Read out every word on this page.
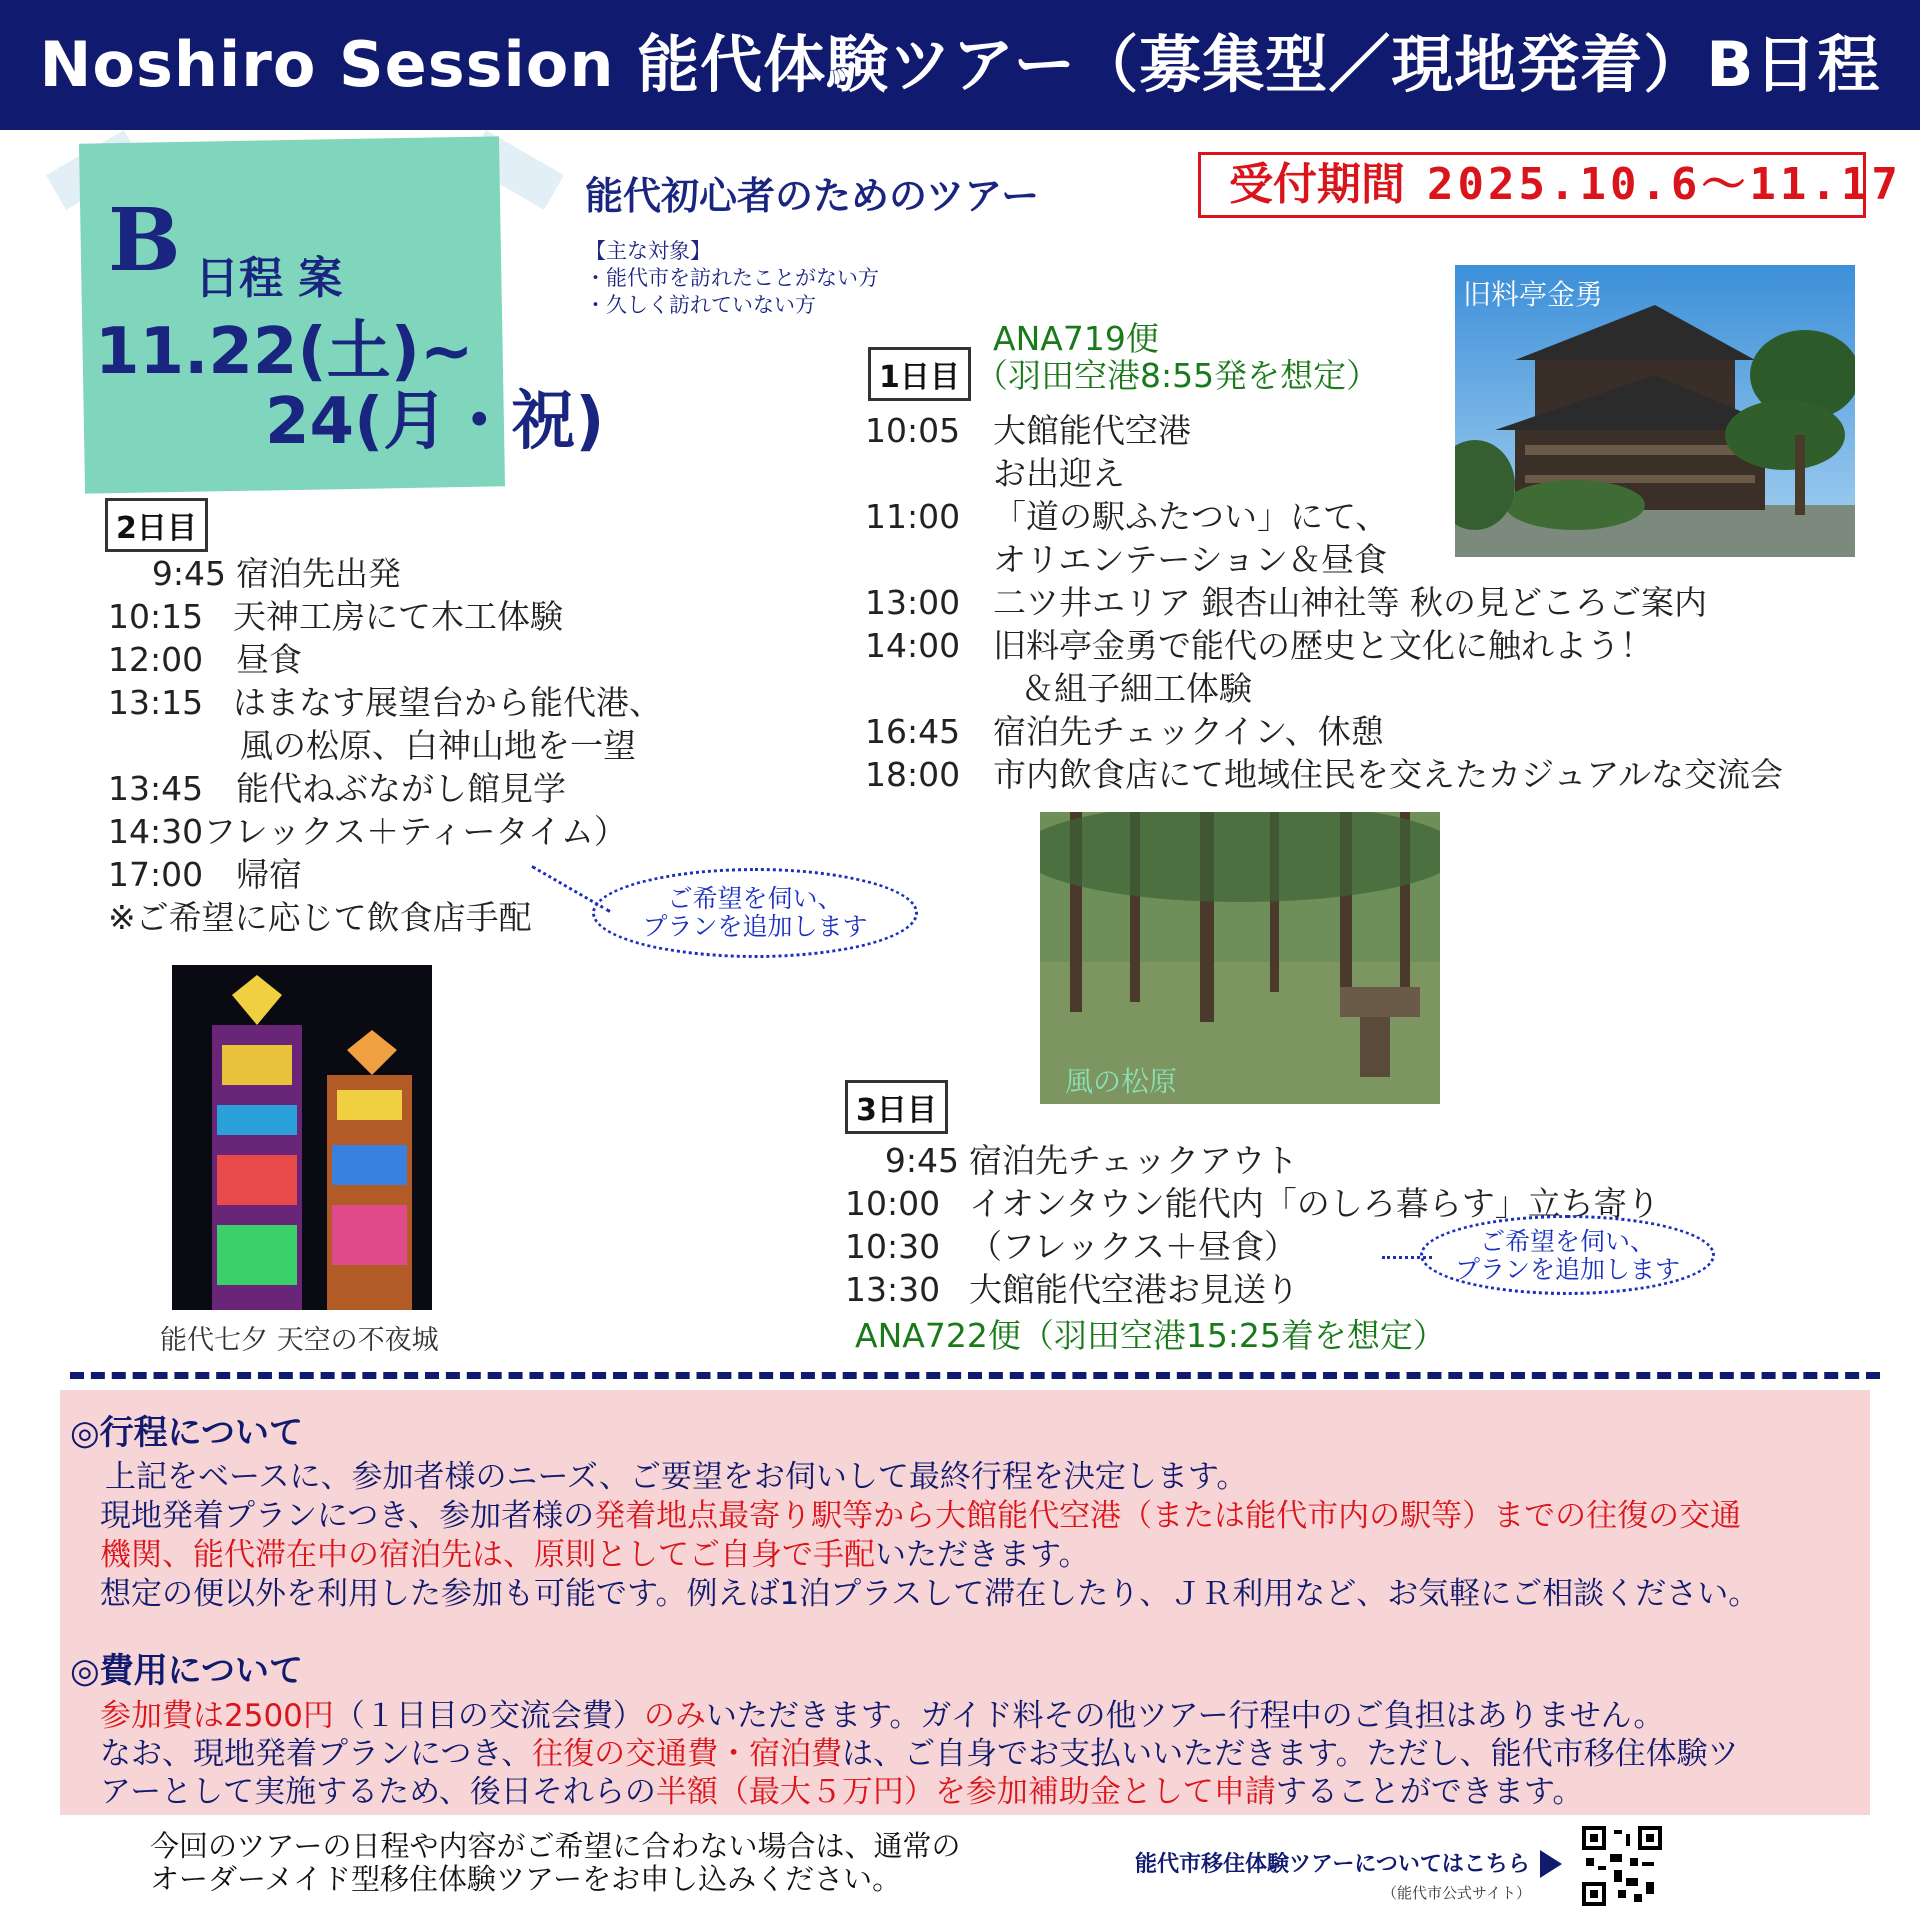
Noshiro Session 能代体験ツアー（募集型／現地発着）B日程
B 日程 案
11.22(土)~
24(月・祝)
能代初心者のためのツアー	受付期間 2025.10.6～11.17
【主な対象】
・能代市を訪れたことがない方
・久しく訪れていない方
1日目
ANA719便
（羽田空港8:55発を想定）
10:05 大館能代空港
お出迎え
11:00 「道の駅ふたつい」にて、
オリエンテーション＆昼食
13:00 二ツ井エリア 銀杏山神社等 秋の見どころご案内
14:00 旧料亭金勇で能代の歴史と文化に触れよう！
＆組子細工体験
16:45 宿泊先チェックイン、休憩
18:00 市内飲食店にて地域住民を交えたカジュアルな交流会
旧料亭金勇
風の松原
2日目
9:45 宿泊先出発
10:15 天神工房にて木工体験
12:00 昼食
13:15 はまなす展望台から能代港、
風の松原、白神山地を一望
13:45 能代ねぶながし館見学
14:30フレックス＋ティータイム）
17:00 帰宿
※ご希望に応じて飲食店手配	ご希望を伺い、
プランを追加します
能代七夕 天空の不夜城
3日目
9:45 宿泊先チェックアウト
10:00 イオンタウン能代内「のしろ暮らす」立ち寄り
10:30 （フレックス＋昼食）
13:30 大館能代空港お見送り
ANA722便（羽田空港15:25着を想定）
ご希望を伺い、
プランを追加します
◎行程について
上記をベースに、参加者様のニーズ、ご要望をお伺いして最終行程を決定します。
現地発着プランにつき、参加者様の発着地点最寄り駅等から大館能代空港（または能代市内の駅等）までの往復の交通
機関、能代滞在中の宿泊先は、原則としてご自身で手配いただきます。
想定の便以外を利用した参加も可能です。例えば1泊プラスして滞在したり、ＪＲ利用など、お気軽にご相談ください。
◎費用について
参加費は2500円（１日目の交流会費）のみいただきます。ガイド料その他ツアー行程中のご負担はありません。
なお、現地発着プランにつき、往復の交通費・宿泊費は、ご自身でお支払いいただきます。ただし、能代市移住体験ツ
アーとして実施するため、後日それらの半額（最大５万円）を参加補助金として申請することができます。
今回のツアーの日程や内容がご希望に合わない場合は、通常の
オーダーメイド型移住体験ツアーをお申し込みください。	能代市移住体験ツアーについてはこちら
（能代市公式サイト）
